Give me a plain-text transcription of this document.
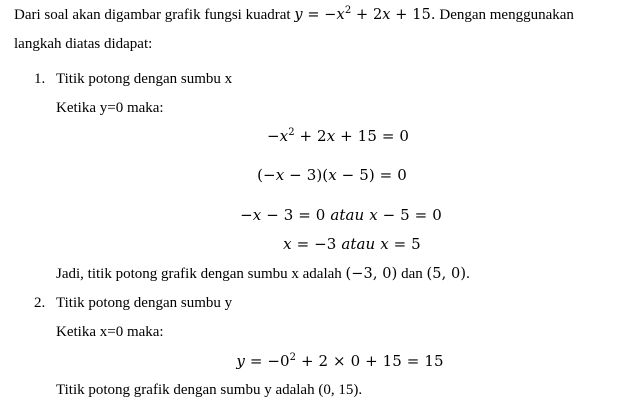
Dari soal akan digambar grafik fungsi kuadrat $y = -x^2 + 2x + 15$. Dengan menggunakan
langkah diatas didapat:
1. Titik potong dengan sumbu x
Ketika y=0 maka:
$-x^2 + 2x + 15 = 0$
(−x − 3)(x − 5) = 0
−x − 3 = 0 atau x − 5 = 0
x = −3 atau x = 5
Jadi, titik potong grafik dengan sumbu x adalah (−3, 0) dan (5, 0).
2. Titik potong dengan sumbu y
Ketika x=0 maka:
$y = -0^2 + 2 \times 0 + 15 = 15$
Titik potong grafik dengan sumbu y adalah (0, 15).
